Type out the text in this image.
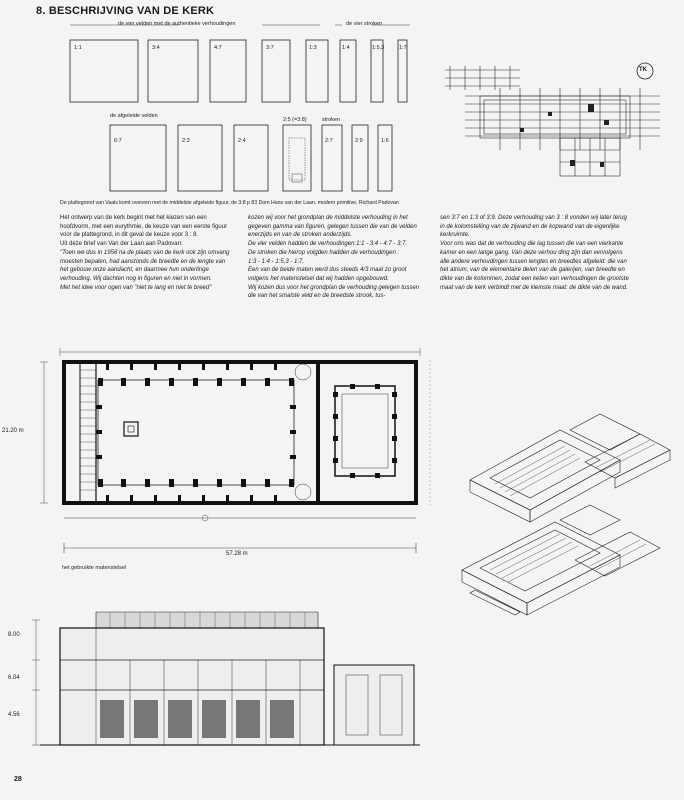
8. BESCHRIJVING VAN DE KERK
de vier velden met de authentieke verhoudingen	de vier stroken
1:1	3:4	4:7	3:7	1:3	1:4	1:5,3	1:7
de afgeleide velden
stroken
6:7	2:3	2:4
2:5 (=3:8)
2:7	2:9	1:6
De plattegrond van Vaals komt overeen met de middelste afgeleide figuur, de 3:8 p 83 Dom Hans van der Laan, modern primitive, Richard Padovan
TK

Het ontwerp van de kerk begint met het kiezen van een hoofdvorm, met een eurythmie, de keuze van een eerste figuur voor de plattegrond, in dit geval de keuze voor 3 : 8.

Uit deze brief van Van der Laan aan Padovan:

"Toen we dus in 1956 na de plaats van de kerk ook zijn omvang moesten bepalen, had aanstonds de breedte en de lengte van het gebouw onze aandacht, en daarmee hun onderlinge verhouding. Wij dachten nog in figuren en niet in vormen.

Met het idee voor ogen van "niet te lang en niet te breed"

kozen wij voor het grondplan de middelste verhouding in het gegeven gamma van figuren, gelegen tussen die van de velden enerzijds en van de stroken anderzijds.

De vier velden hadden de verhoudingen:1:1 - 3:4 - 4:7 - 3:7.

De stroken die hierop volgden hadden de verhoudingen :

1:3 - 1:4 - 1:5,3 - 1:7.

Een van de beide maten werd dus steeds 4/3 maal zo groot volgens het matenstelsel dat wij hadden opgebouwd.

Wij kozen dus voor het grondplan de verhouding gelegen tussen die van het smalste veld en de breedste strook, tus-

sen 3:7 en 1:3 of 3:9. Deze verhouding van 3 : 8 vonden wij later terug in de kolomstelling van de zijwand en de kopwand van de eigenlijke kerkruimte.

Voor ons was dat de verhouding die lag tussen die van een vierkante kamer en een lange gang. Van deze verhou ding zijn dan vervolgens alle andere verhoudingen tussen lengtes en breedtes afgeleid: die van het atrium, van de elementaire delen van de galerijen, van breedte en dikte van de kolommen, zodat een keten van verhoudingen de grootste maat van de kerk verbindt met de kleinste maat: de dikte van de wand.

21.20 m
57.28 m
het gebruikte matenstelsel
8.00
6.04
4.56
28
